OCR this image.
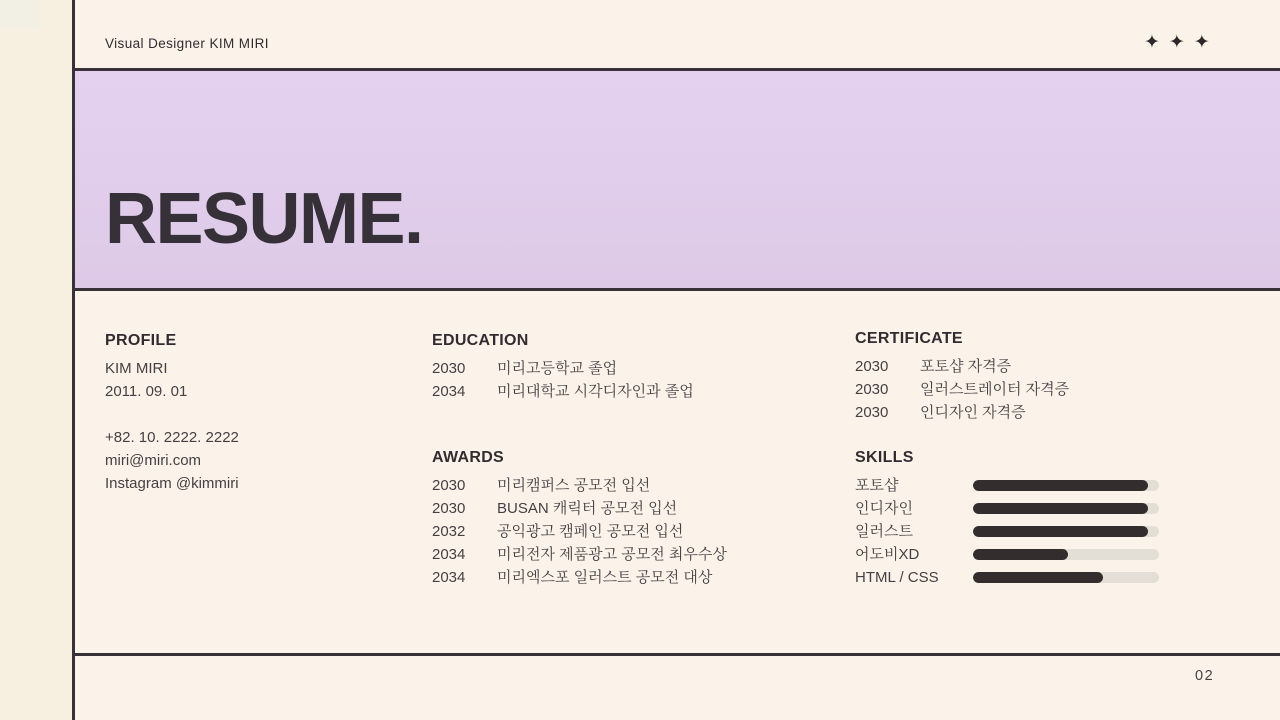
Visual Designer KIM MIRI	✦ ✦ ✦
RESUME.
PROFILE
KIM MIRI
2011. 09. 01
+82. 10. 2222. 2222
miri@miri.com
Instagram @kimmiri
EDUCATION
2030	미리고등학교 졸업
2034	미리대학교 시각디자인과 졸업
AWARDS
2030	미리캠퍼스 공모전 입선
2030	BUSAN 캐릭터 공모전 입선
2032	공익광고 캠페인 공모전 입선
2034	미리전자 제품광고 공모전 최우수상
2034	미리엑스포 일러스트 공모전 대상
CERTIFICATE
2030	포토샵 자격증
2030	일러스트레이터 자격증
2030	인디자인 자격증
SKILLS
포토샵
인디자인
일러스트
어도비XD
HTML / CSS
02
